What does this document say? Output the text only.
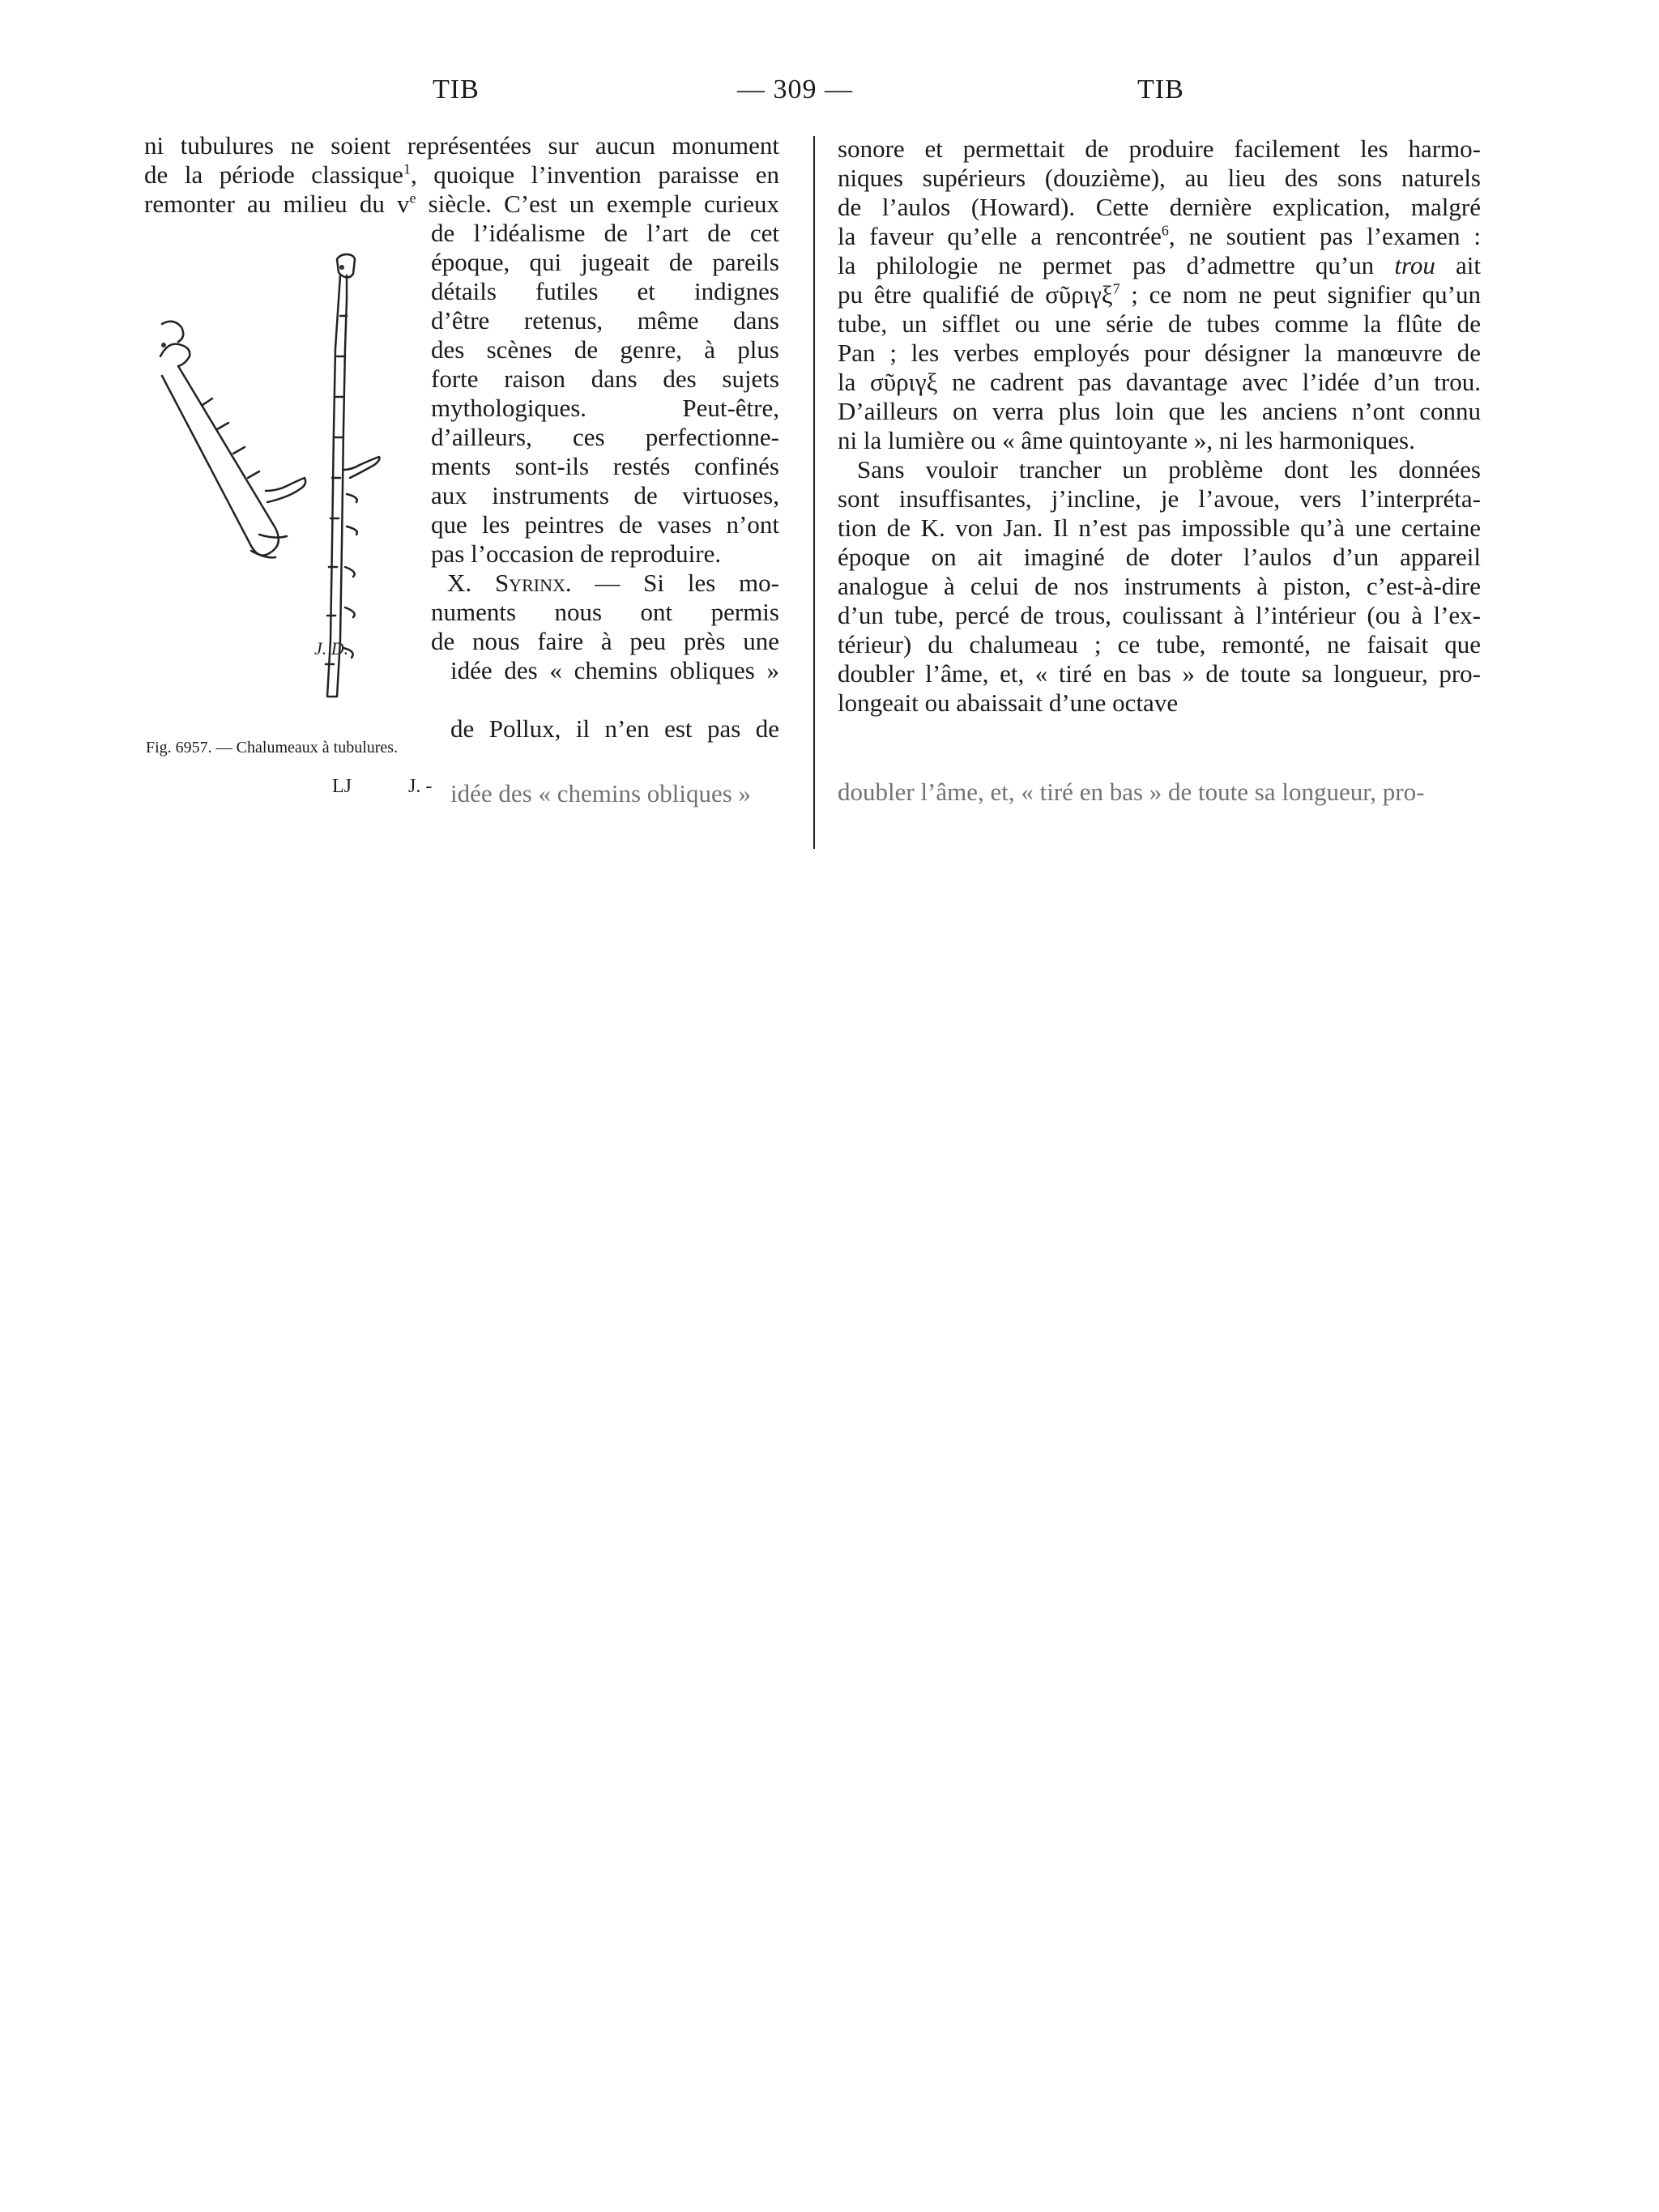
TIB	— 309 —	TIB
ni tubulures ne soient représentées sur aucun monument
de la période classique$^1$, quoique l’invention paraisse en
remonter au milieu du $v^e$ siècle. C’est un exemple curieux
de l’idéalisme de l’art de cet
époque, qui jugeait de pareils
détails futiles et indignes
d’être retenus, même dans
des scènes de genre, à plus
forte raison dans des sujets
mythologiques. Peut-être,
d’ailleurs, ces perfectionne-
ments sont-ils restés confinés
aux instruments de virtuoses,
que les peintres de vases n’ont
pas l’occasion de reproduire.
X. Syrinx. — Si les mo-
numents nous ont permis
de nous faire à peu près une
idée des « chemins obliques »
de Pollux, il n’en est pas de
J. D.
Fig. 6957. — Chalumeaux à tubulures.
idée des « chemins obliques »
LJ	J. -
sonore et permettait de produire facilement les harmo-
niques supérieurs (douzième), au lieu des sons naturels
de l’aulos (Howard). Cette dernière explication, malgré
la faveur qu’elle a rencontrée$^6$, ne soutient pas l’examen :
la philologie ne permet pas d’admettre qu’un trou ait
pu être qualifié de σῦριγξ$^7$ ; ce nom ne peut signifier qu’un
tube, un sifflet ou une série de tubes comme la flûte de
Pan ; les verbes employés pour désigner la manœuvre de
la σῦριγξ ne cadrent pas davantage avec l’idée d’un trou.
D’ailleurs on verra plus loin que les anciens n’ont connu
ni la lumière ou « âme quintoyante », ni les harmoniques.
Sans vouloir trancher un problème dont les données
sont insuffisantes, j’incline, je l’avoue, vers l’interpréta-
tion de K. von Jan. Il n’est pas impossible qu’à une certaine
époque on ait imaginé de doter l’aulos d’un appareil
analogue à celui de nos instruments à piston, c’est-à-dire
d’un tube, percé de trous, coulissant à l’intérieur (ou à l’ex-
térieur) du chalumeau ; ce tube, remonté, ne faisait que
doubler l’âme, et, « tiré en bas » de toute sa longueur, pro-
longeait ou abaissait d’une octave
doubler l’âme, et, « tiré en bas » de toute sa longueur, pro-
